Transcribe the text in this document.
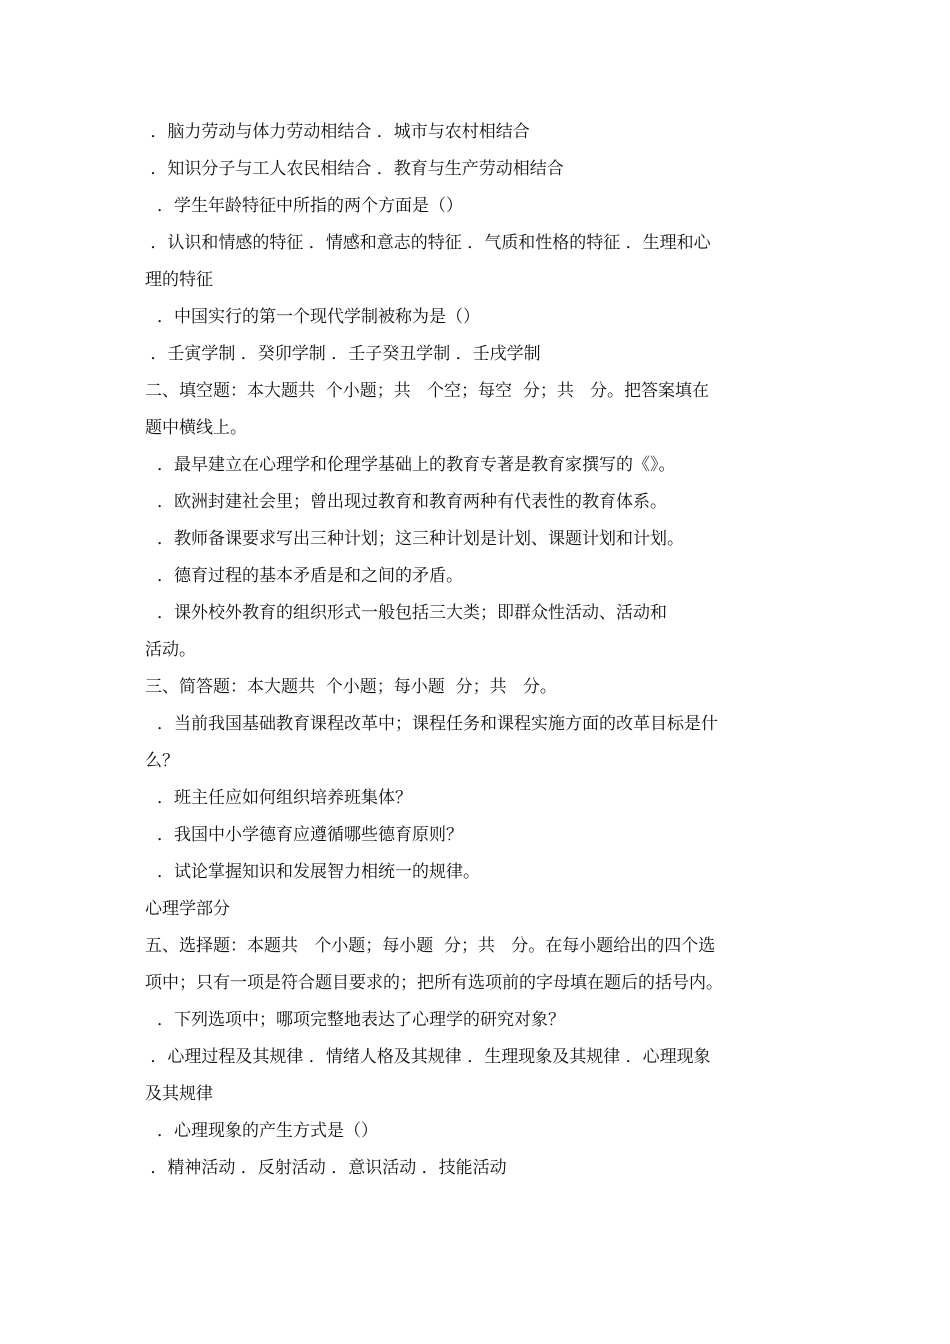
．脑力劳动与体力劳动相结合 ．城市与农村相结合
．知识分子与工人农民相结合 ．教育与生产劳动相结合
．学生年龄特征中所指的两个方面是（）
．认识和情感的特征 ．情感和意志的特征 ．气质和性格的特征 ．生理和心
理的特征
．中国实行的第一个现代学制被称为是（）
．壬寅学制 ．癸卯学制 ．壬子癸丑学制 ．壬戌学制
二、填空题：本大题共  个小题；共   个空；每空  分；共   分。把答案填在
题中横线上。
．最早建立在心理学和伦理学基础上的教育专著是教育家撰写的《》。
．欧洲封建社会里；曾出现过教育和教育两种有代表性的教育体系。
．教师备课要求写出三种计划；这三种计划是计划、课题计划和计划。
．德育过程的基本矛盾是和之间的矛盾。
．课外校外教育的组织形式一般包括三大类；即群众性活动、活动和
活动。
三、简答题：本大题共  个小题；每小题  分；共   分。
．当前我国基础教育课程改革中；课程任务和课程实施方面的改革目标是什
么？
．班主任应如何组织培养班集体？
．我国中小学德育应遵循哪些德育原则？
．试论掌握知识和发展智力相统一的规律。
心理学部分
五、选择题：本题共   个小题；每小题  分；共   分。在每小题给出的四个选
项中；只有一项是符合题目要求的；把所有选项前的字母填在题后的括号内。
．下列选项中；哪项完整地表达了心理学的研究对象？
．心理过程及其规律 ．情绪人格及其规律 ．生理现象及其规律 ．心理现象
及其规律
．心理现象的产生方式是（）
．精神活动 ．反射活动 ．意识活动 ．技能活动
